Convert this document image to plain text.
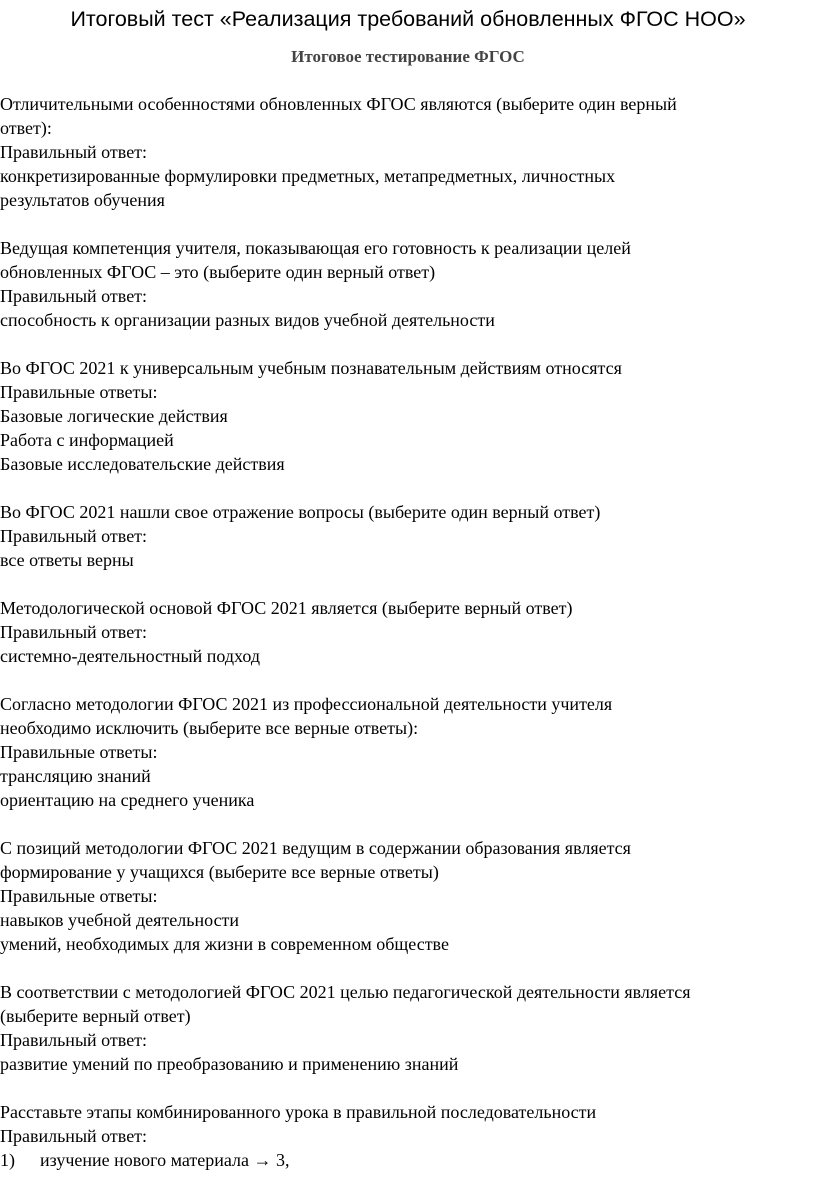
Итоговый тест «Реализация требований обновленных ФГОС НОО»
Итоговое тестирование ФГОС
Отличительными особенностями обновленных ФГОС являются (выберите один верный
ответ):
Правильный ответ:
конкретизированные формулировки предметных, метапредметных, личностных
результатов обучения
Ведущая компетенция учителя, показывающая его готовность к реализации целей
обновленных ФГОС – это (выберите один верный ответ)
Правильный ответ:
способность к организации разных видов учебной деятельности
Во ФГОС 2021 к универсальным учебным познавательным действиям относятся
Правильные ответы:
Базовые логические действия
Работа с информацией
Базовые исследовательские действия
Во ФГОС 2021 нашли свое отражение вопросы (выберите один верный ответ)
Правильный ответ:
все ответы верны
Методологической основой ФГОС 2021 является (выберите верный ответ)
Правильный ответ:
системно-деятельностный подход
Согласно методологии ФГОС 2021 из профессиональной деятельности учителя
необходимо исключить (выберите все верные ответы):
Правильные ответы:
трансляцию знаний
ориентацию на среднего ученика
С позиций методологии ФГОС 2021 ведущим в содержании образования является
формирование у учащихся (выберите все верные ответы)
Правильные ответы:
навыков учебной деятельности
умений, необходимых для жизни в современном обществе
В соответствии с методологией ФГОС 2021 целью педагогической деятельности является
(выберите верный ответ)
Правильный ответ:
развитие умений по преобразованию и применению знаний
Расставьте этапы комбинированного урока в правильной последовательности
Правильный ответ:
1)	изучение нового материала → 3,
